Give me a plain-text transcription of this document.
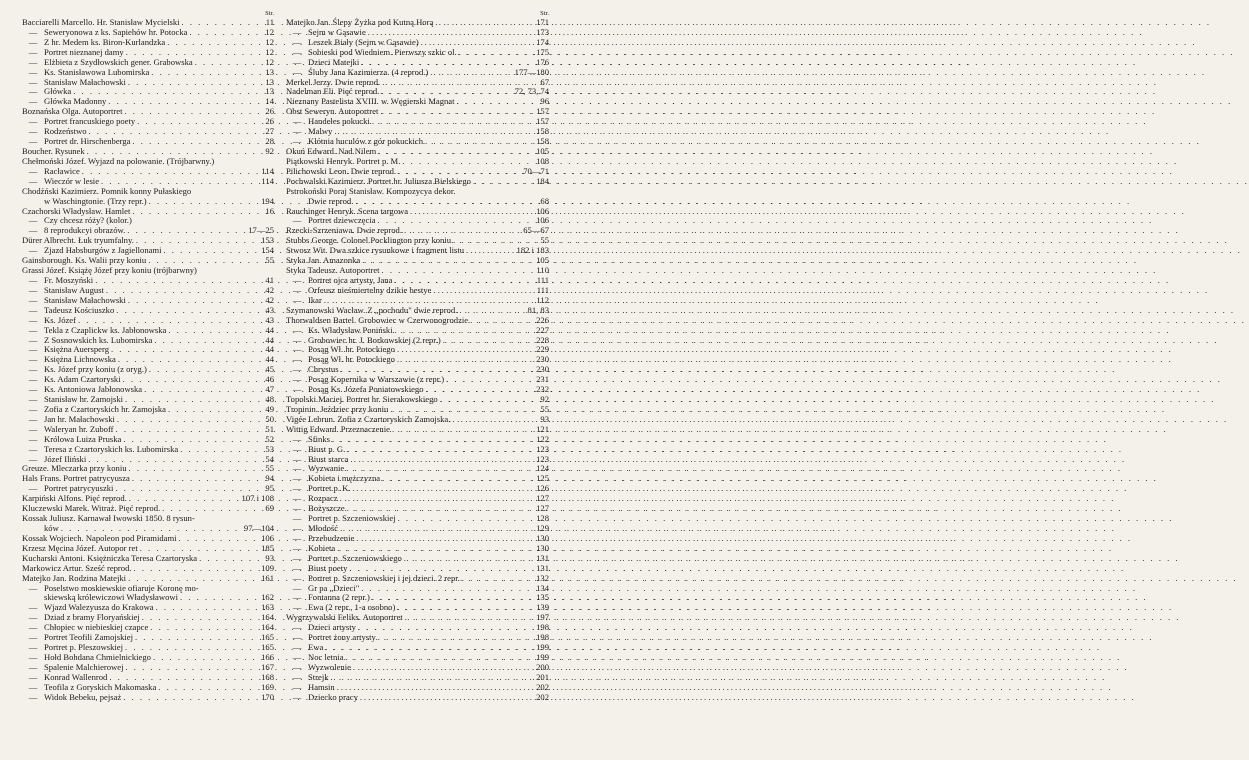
Str.
Bacciarelli Marcello. Hr. Stanisław Mycielski . . .	11
— Seweryonowa z ks. Sapiehów hr. Potocka . . .	12
— Z hr. Medem ks. Biron-Kurlandzka . . .	12
— Portret nieznanej damy . . .	12
— Elżbieta z Szydłowskich gener. Grabowska . . .	12
— Ks. Stanisławowa Lubomirska . . .	13
— Stanisław Małachowski . . .	13
— Główka . . .	13
— Główka Madonny . . .	14
Boznańska Olga. Autoportret . . .	26
— Portret francuskiego poety . . .	26
— Rodzeństwo . . .	27
— Portret dr. Hirschenberga . . .	28
Boucher. Rysunek . . .	92
Chełmoński Józef. Wyjazd na polowanie. (Trójbarwny.)
— Racławice . . .	114
— Wieczór w lesie . . .	114
Chodźński Kazimierz. Pomnik konny Pułaskiego
w Waschingtonie. (Trzy repr.) . . .	194
Czachorski Władysław. Hamlet . . .	16
— Czy chcesz róży? (kolor.)
— 8 reprodukcyi obrazów. . . .	17—25
Dürer Albrecht. Łuk tryumfalny. . . .	153
— Zjazd Habsburgów z Jagiellonami . . .	154
Gainsborough. Ks. Walii przy koniu . . .	55
Grassi Józef. Książę Józef przy koniu (trójbarwny)
— Fr. Moszyński . . .	41
— Stanisław August . . .	42
— Stanisław Małachowski . . .	42
— Tadeusz Kościuszko . . .	43
— Ks. Józef . . .	43
— Tekla z Czaplickw ks. Jabłonowska . . .	44
— Z Sosnowskich ks. Lubomirska . . .	44
— Księżna Auersperg . . .	44
— Księżna Lichnowska . . .	44
— Ks. Józef przy koniu (z oryg.) . . .	45
— Ks. Adam Czartoryski . . .	46
— Ks. Antoniowa Jabłonowska . . .	47
— Stanisław hr. Zamojski . . .	48
— Zofia z Czartoryskich hr. Zamojska . . .	49
— Jan hr. Małachowski . . .	50
— Waleryan hr. Zuboff . . .	51
— Królowa Luiza Pruska . . .	52
— Teresa z Czartoryskich ks. Lubomirska . . .	53
— Józef Iliński . . .	54
Greuze. Mleczarka przy koniu . . .	55
Hals Frans. Portret patrycyusza . . .	94
— Portret patrycyuszki . . .	95
Karpiński Alfons. Pięć reprod. . . .	107 i 108
Kluczewski Marek. Witraż. Pięć reprod. . . .	69
Kossak Juliusz. Karnawał Iwowski 1850. 8 rysun-
ków . . .	97—104
Kossak Wojciech. Napoleon pod Piramidami . . .	106
Krzesz Męcina Józef. Autopor ret . . .	185
Kucharski Antoni. Księżniczka Teresa Czartoryska . . .	93
Markowicz Artur. Sześć reprod. . . .	109
Matejko Jan. Rodzina Matejki . . .	161
— Poselstwo moskiewskie ofiaruje Koronę mo-
skiewską królewiczowi Władysławowi . . .	162
— Wjazd Walezyusza do Krakowa . . .	163
— Dziad z bramy Floryańskiej . . .	164
— Chłopiec w niebieskiej czapce . . .	164
— Portret Teofili Zamojskiej . . .	165
— Portret p. Pleszowskiej . . .	165
— Hołd Bohdana Chmielnickiego . . .	166
— Spalenie Malchierowej . . .	167
— Konrad Wallenrod . . .	168
— Teofila z Goryskich Makomaska . . .	169
— Widok Bebeku, pejsaż . . .	170
Str.
Matejko Jan. Ślepy Żyżka pod Kutną Horą . . .	171
— Sejm w Gąsawie . . .	173
— Leszek Biały (Sejm w Gąsawie) . . .	174
— Sobieski pod Wiedniem. Pierwszy szkic ol. . . .	175
— Dzieci Matejki . . .	176
— Śluby Jana Kazimierza. (4 reprod.) . . .	177—180
Merkel Jerzy. Dwie reprod. . . .	67
Nadelman Eli. Pięć reprod. . . .	72, 73, 74
Nieznany Pastelista XVIII. w. Węgierski Magnat . . .	96
Obst Seweryn. Autoportret . . .	157
— Handełes pokucki . . .	157
— Malwy . . .	158
— Kłótnia huculów z gór pokuckich . . .	158
Okuń Edward. Nad Nilem . . .	105
Piątkowski Henryk. Portret p. M. . . .	108
Pilichowski Leon. Dwie reprod. . . .	70—71
Pochwalski Kazimierz. Portret hr. Juliusza Bielskiego . . .	184
Pstrokoński Poraj Stanisław. Kompozycya dekor.
Dwie reprod. . . .	68
Rauchinger Henryk. Scena targowa . . .	106
— Portret dziewczęcia . . .	106
Rzecki-Szrzeniawa. Dwie reprod. . . .	65—67
Stubbs George. Colonel Pocklington przy koniu . . .	55
Stwosz Wit. Dwa szkice rysunkowe i fragment listu . . .	182 i 183
Styka Jan. Amazonka . . .	105
Styka Tadeusz. Autoportret . . .	110
— Portret ojca artysty, Jana . . .	111
— Orfeusz nieśmiertelny dzikie bestye . . .	111
— Ikar . . .	112
Szymanowski Wacław. Z „pochodu" dwie reprod. . . .	81, 83
Thorwaldsen Bartel. Grobowiec w Czerwonogrodzie . . .	226
— Ks. Władysław Poniński . . .	227
— Grobowiec hr. J. Borkowskiej (2 repr.) . . .	228
— Posąg Wł. hr. Potockiego . . .	229
— Posąg Wł. hr. Potockiego . . .	230
— Chrystus . . .	230
— Posąg Kopernika w Warszawie (z repr.) . . .	231
— Posąg Ks. Józefa Poniatowskiego . . .	232
Topolski Maciej. Portret hr. Sierakowskiego . . .	92
Tropinin. Jeździec przy koniu . . .	55
Vigée Lebrun. Zofia z Czartoryskich Zamojska. . . .	93
Wittig Edward. Przeznaczenie . . .	121
— Sfinks . . .	122
— Biust p. G. . . .	123
— Biust starca . . .	123
— Wyzwanie . . .	124
— Kobieta i mężczyzna . . .	125
— Portret p. K. . . .	126
— Rozpacz . . .	127
— Bożyszcze . . .	127
— Portret p. Szczeniowskiej . . .	128
— Młodość . . .	129
— Przebudzenie . . .	130
— Kobieta . . .	130
— Portret p. Szczeniowskiego . . .	131
— Biust poety . . .	131
— Portret p. Szczeniowskiej i jej dzieci. 2 repr. . . .	132
— Gr pa „Dzieci" . . .	134
— Fontanna (2 repr.) . . .	135
— Ewa (2 repr., 1-a osobno) . . .	139
Wygrzywalski Feliks. Autoportret . . .	197
— Dzieci artysty . . .	198
— Portret żony artysty . . .	198
— Ewa . . .	199
— Noc letnia . . .	199
— Wyzwolenie . . .	200
— Strejk . . .	201
— Hamsin . . .	202
— Dziecko pracy . . .	202
